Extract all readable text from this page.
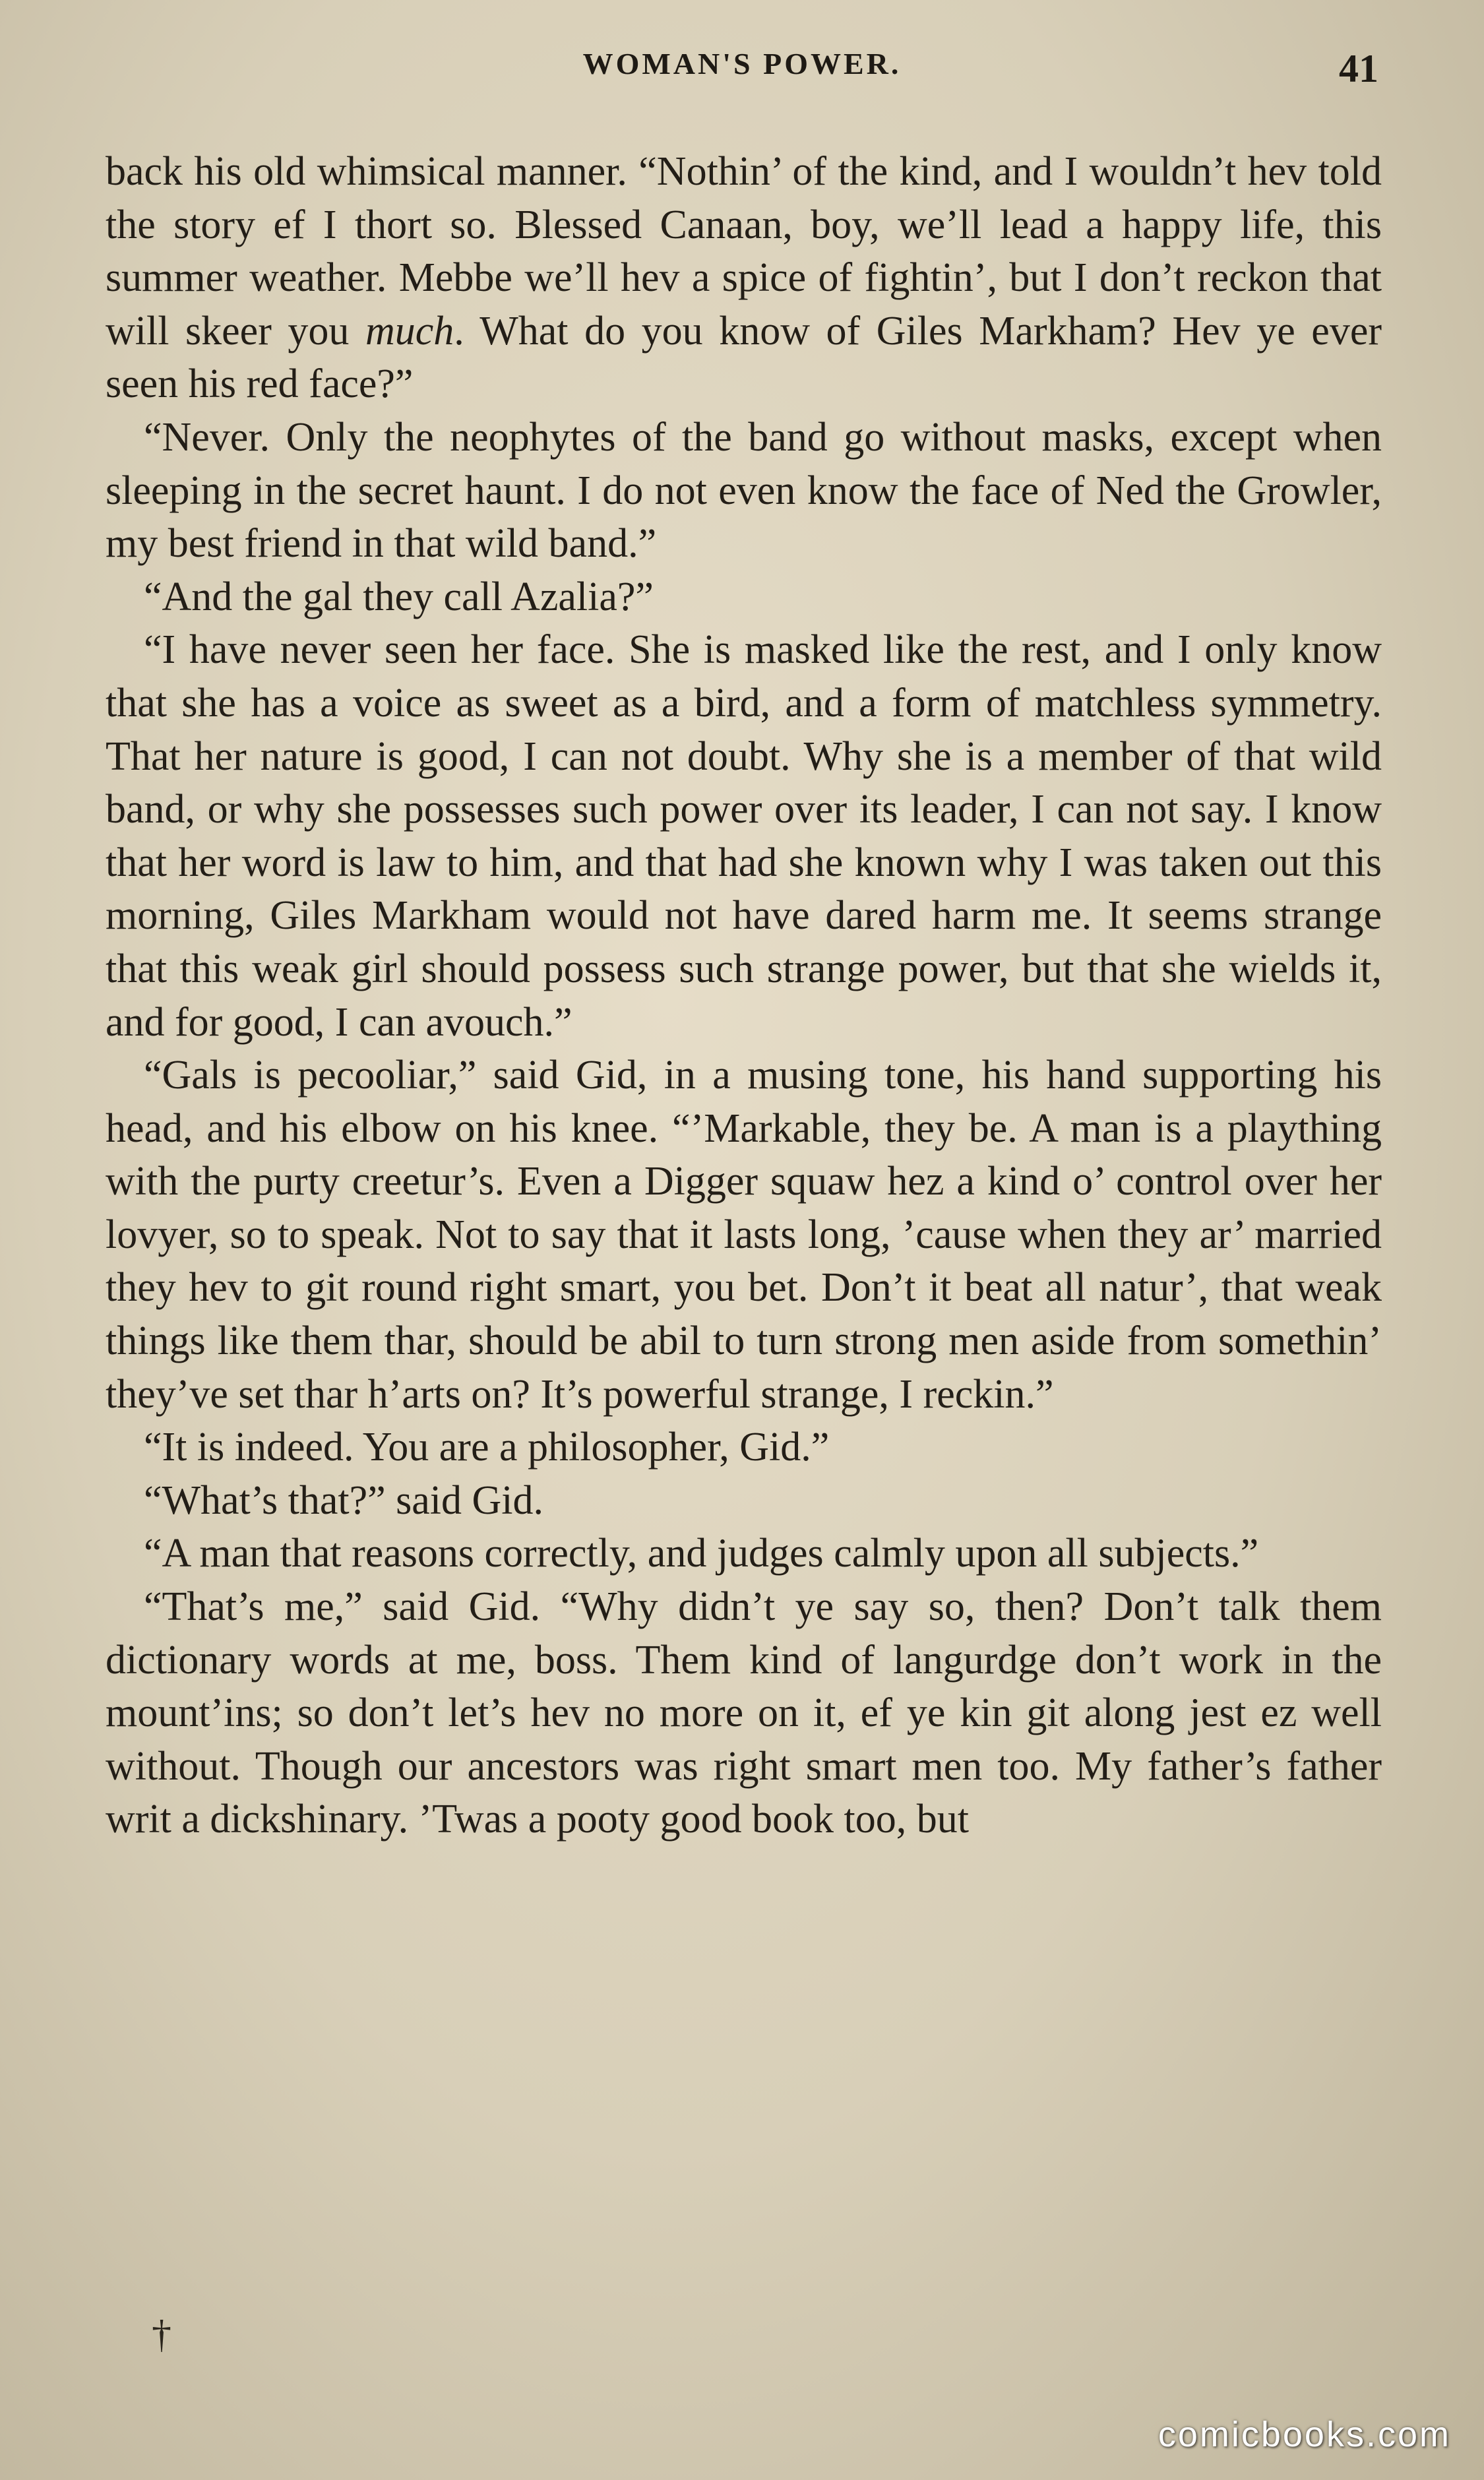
WOMAN'S POWER.	41

back his old whimsical manner. “Nothin’ of the kind, and I wouldn’t hev told the story ef I thort so. Blessed Canaan, boy, we’ll lead a happy life, this summer weather. Mebbe we’ll hev a spice of fightin’, but I don’t reckon that will skeer you much. What do you know of Giles Markham? Hev ye ever seen his red face?”

“Never. Only the neophytes of the band go without masks, except when sleeping in the secret haunt. I do not even know the face of Ned the Growler, my best friend in that wild band.”

“And the gal they call Azalia?”

“I have never seen her face. She is masked like the rest, and I only know that she has a voice as sweet as a bird, and a form of matchless symmetry. That her nature is good, I can not doubt. Why she is a member of that wild band, or why she possesses such power over its leader, I can not say. I know that her word is law to him, and that had she known why I was taken out this morning, Giles Markham would not have dared harm me. It seems strange that this weak girl should possess such strange power, but that she wields it, and for good, I can avouch.”

“Gals is pecooliar,” said Gid, in a musing tone, his hand supporting his head, and his elbow on his knee. “’Markable, they be. A man is a plaything with the purty creetur’s. Even a Digger squaw hez a kind o’ control over her lovyer, so to speak. Not to say that it lasts long, ’cause when they ar’ married they hev to git round right smart, you bet. Don’t it beat all natur’, that weak things like them thar, should be abil to turn strong men aside from somethin’ they’ve set thar h’arts on? It’s powerful strange, I reckin.”

“It is indeed. You are a philosopher, Gid.”

“What’s that?” said Gid.

“A man that reasons correctly, and judges calmly upon all subjects.”

“That’s me,” said Gid. “Why didn’t ye say so, then? Don’t talk them dictionary words at me, boss. Them kind of langurdge don’t work in the mount’ins; so don’t let’s hev no more on it, ef ye kin git along jest ez well without. Though our ancestors was right smart men too. My father’s father writ a dickshinary. ’Twas a pooty good book too, but

†
comicbooks.com
